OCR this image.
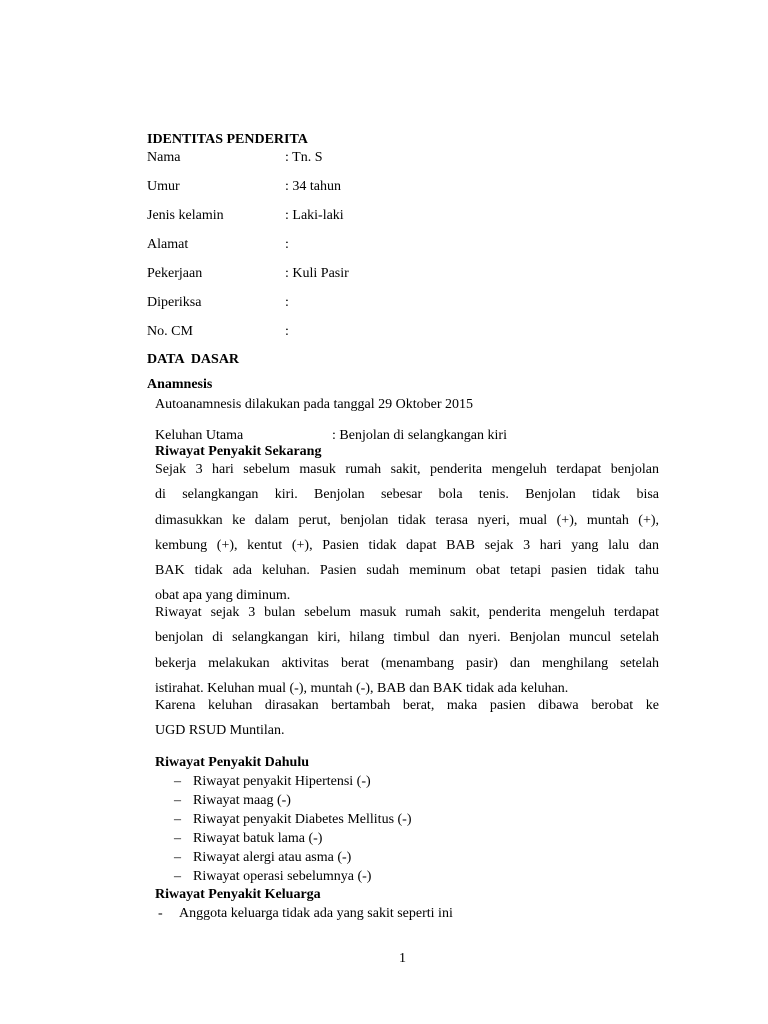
IDENTITAS PENDERITA
Nama	: Tn. S
Umur	: 34 tahun
Jenis kelamin	: Laki-laki
Alamat	:
Pekerjaan	: Kuli Pasir
Diperiksa	:
No. CM	:
DATA  DASAR
Anamnesis
Autoanamnesis dilakukan pada tanggal 29 Oktober 2015
Keluhan Utama	: Benjolan di selangkangan kiri
Riwayat Penyakit Sekarang
Sejak 3 hari sebelum masuk rumah sakit, penderita mengeluh terdapat benjolan
di selangkangan kiri. Benjolan sebesar bola tenis. Benjolan tidak bisa
dimasukkan ke dalam perut, benjolan tidak terasa nyeri, mual (+), muntah (+),
kembung (+), kentut (+), Pasien tidak dapat BAB sejak 3 hari yang lalu dan
BAK tidak ada keluhan. Pasien sudah meminum obat tetapi pasien tidak tahu
obat apa yang diminum.
Riwayat sejak 3 bulan sebelum masuk rumah sakit, penderita mengeluh terdapat
benjolan di selangkangan kiri, hilang timbul dan nyeri. Benjolan muncul setelah
bekerja melakukan aktivitas berat (menambang pasir) dan menghilang setelah
istirahat. Keluhan mual (-), muntah (-), BAB dan BAK tidak ada keluhan.
Karena keluhan dirasakan bertambah berat, maka pasien dibawa berobat ke
UGD RSUD Muntilan.
Riwayat Penyakit Dahulu
– Riwayat penyakit Hipertensi (-)
– Riwayat maag (-)
– Riwayat penyakit Diabetes Mellitus (-)
– Riwayat batuk lama (-)
– Riwayat alergi atau asma (-)
– Riwayat operasi sebelumnya (-)
Riwayat Penyakit Keluarga
- Anggota keluarga tidak ada yang sakit seperti ini
1
